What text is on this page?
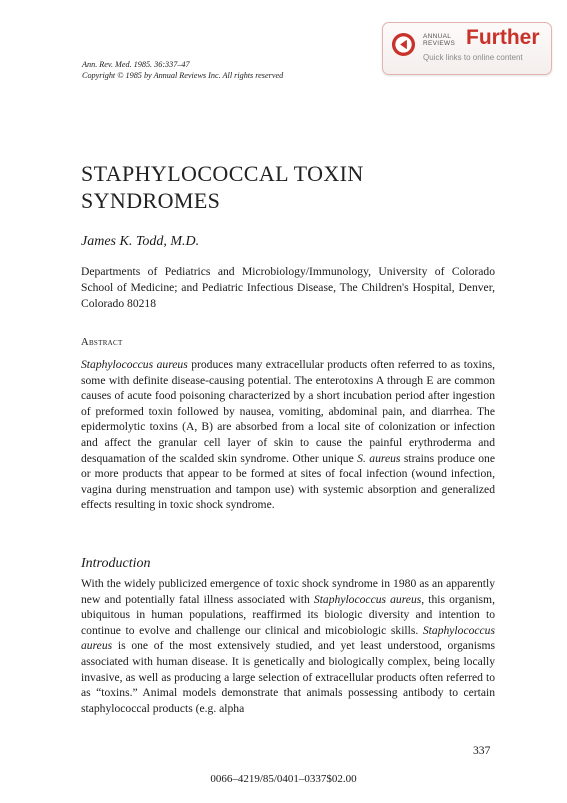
Ann. Rev. Med. 1985. 36:337–47
Copyright © 1985 by Annual Reviews Inc. All rights reserved
ANNUAL
REVIEWS Further
Quick links to online content
STAPHYLOCOCCAL TOXIN
SYNDROMES
James K. Todd, M.D.
Departments of Pediatrics and Microbiology/Immunology, University of Colorado School of Medicine; and Pediatric Infectious Disease, The Children's Hospital, Denver, Colorado 80218
Abstract

Staphylococcus aureus produces many extracellular products often referred to as toxins, some with definite disease-causing potential. The enterotoxins A through E are common causes of acute food poisoning characterized by a short incubation period after ingestion of preformed toxin followed by nausea, vomiting, abdominal pain, and diarrhea. The epidermolytic toxins (A, B) are absorbed from a local site of colonization or infection and affect the granular cell layer of skin to cause the painful erythroderma and desquamation of the scalded skin syndrome. Other unique S. aureus strains produce one or more products that appear to be formed at sites of focal infection (wound infection, vagina during menstruation and tampon use) with systemic absorption and generalized effects resulting in toxic shock syndrome.

Introduction

With the widely publicized emergence of toxic shock syndrome in 1980 as an apparently new and potentially fatal illness associated with Staphylococcus aureus, this organism, ubiquitous in human populations, reaffirmed its biologic diversity and intention to continue to evolve and challenge our clinical and micobiologic skills. Staphylococcus aureus is one of the most extensively studied, and yet least understood, organisms associated with human disease. It is genetically and biologically complex, being locally invasive, as well as producing a large selection of extracellular products often referred to as “toxins.” Animal models demonstrate that animals possessing antibody to certain staphylococcal products (e.g. alpha

337
0066–4219/85/0401–0337$02.00
